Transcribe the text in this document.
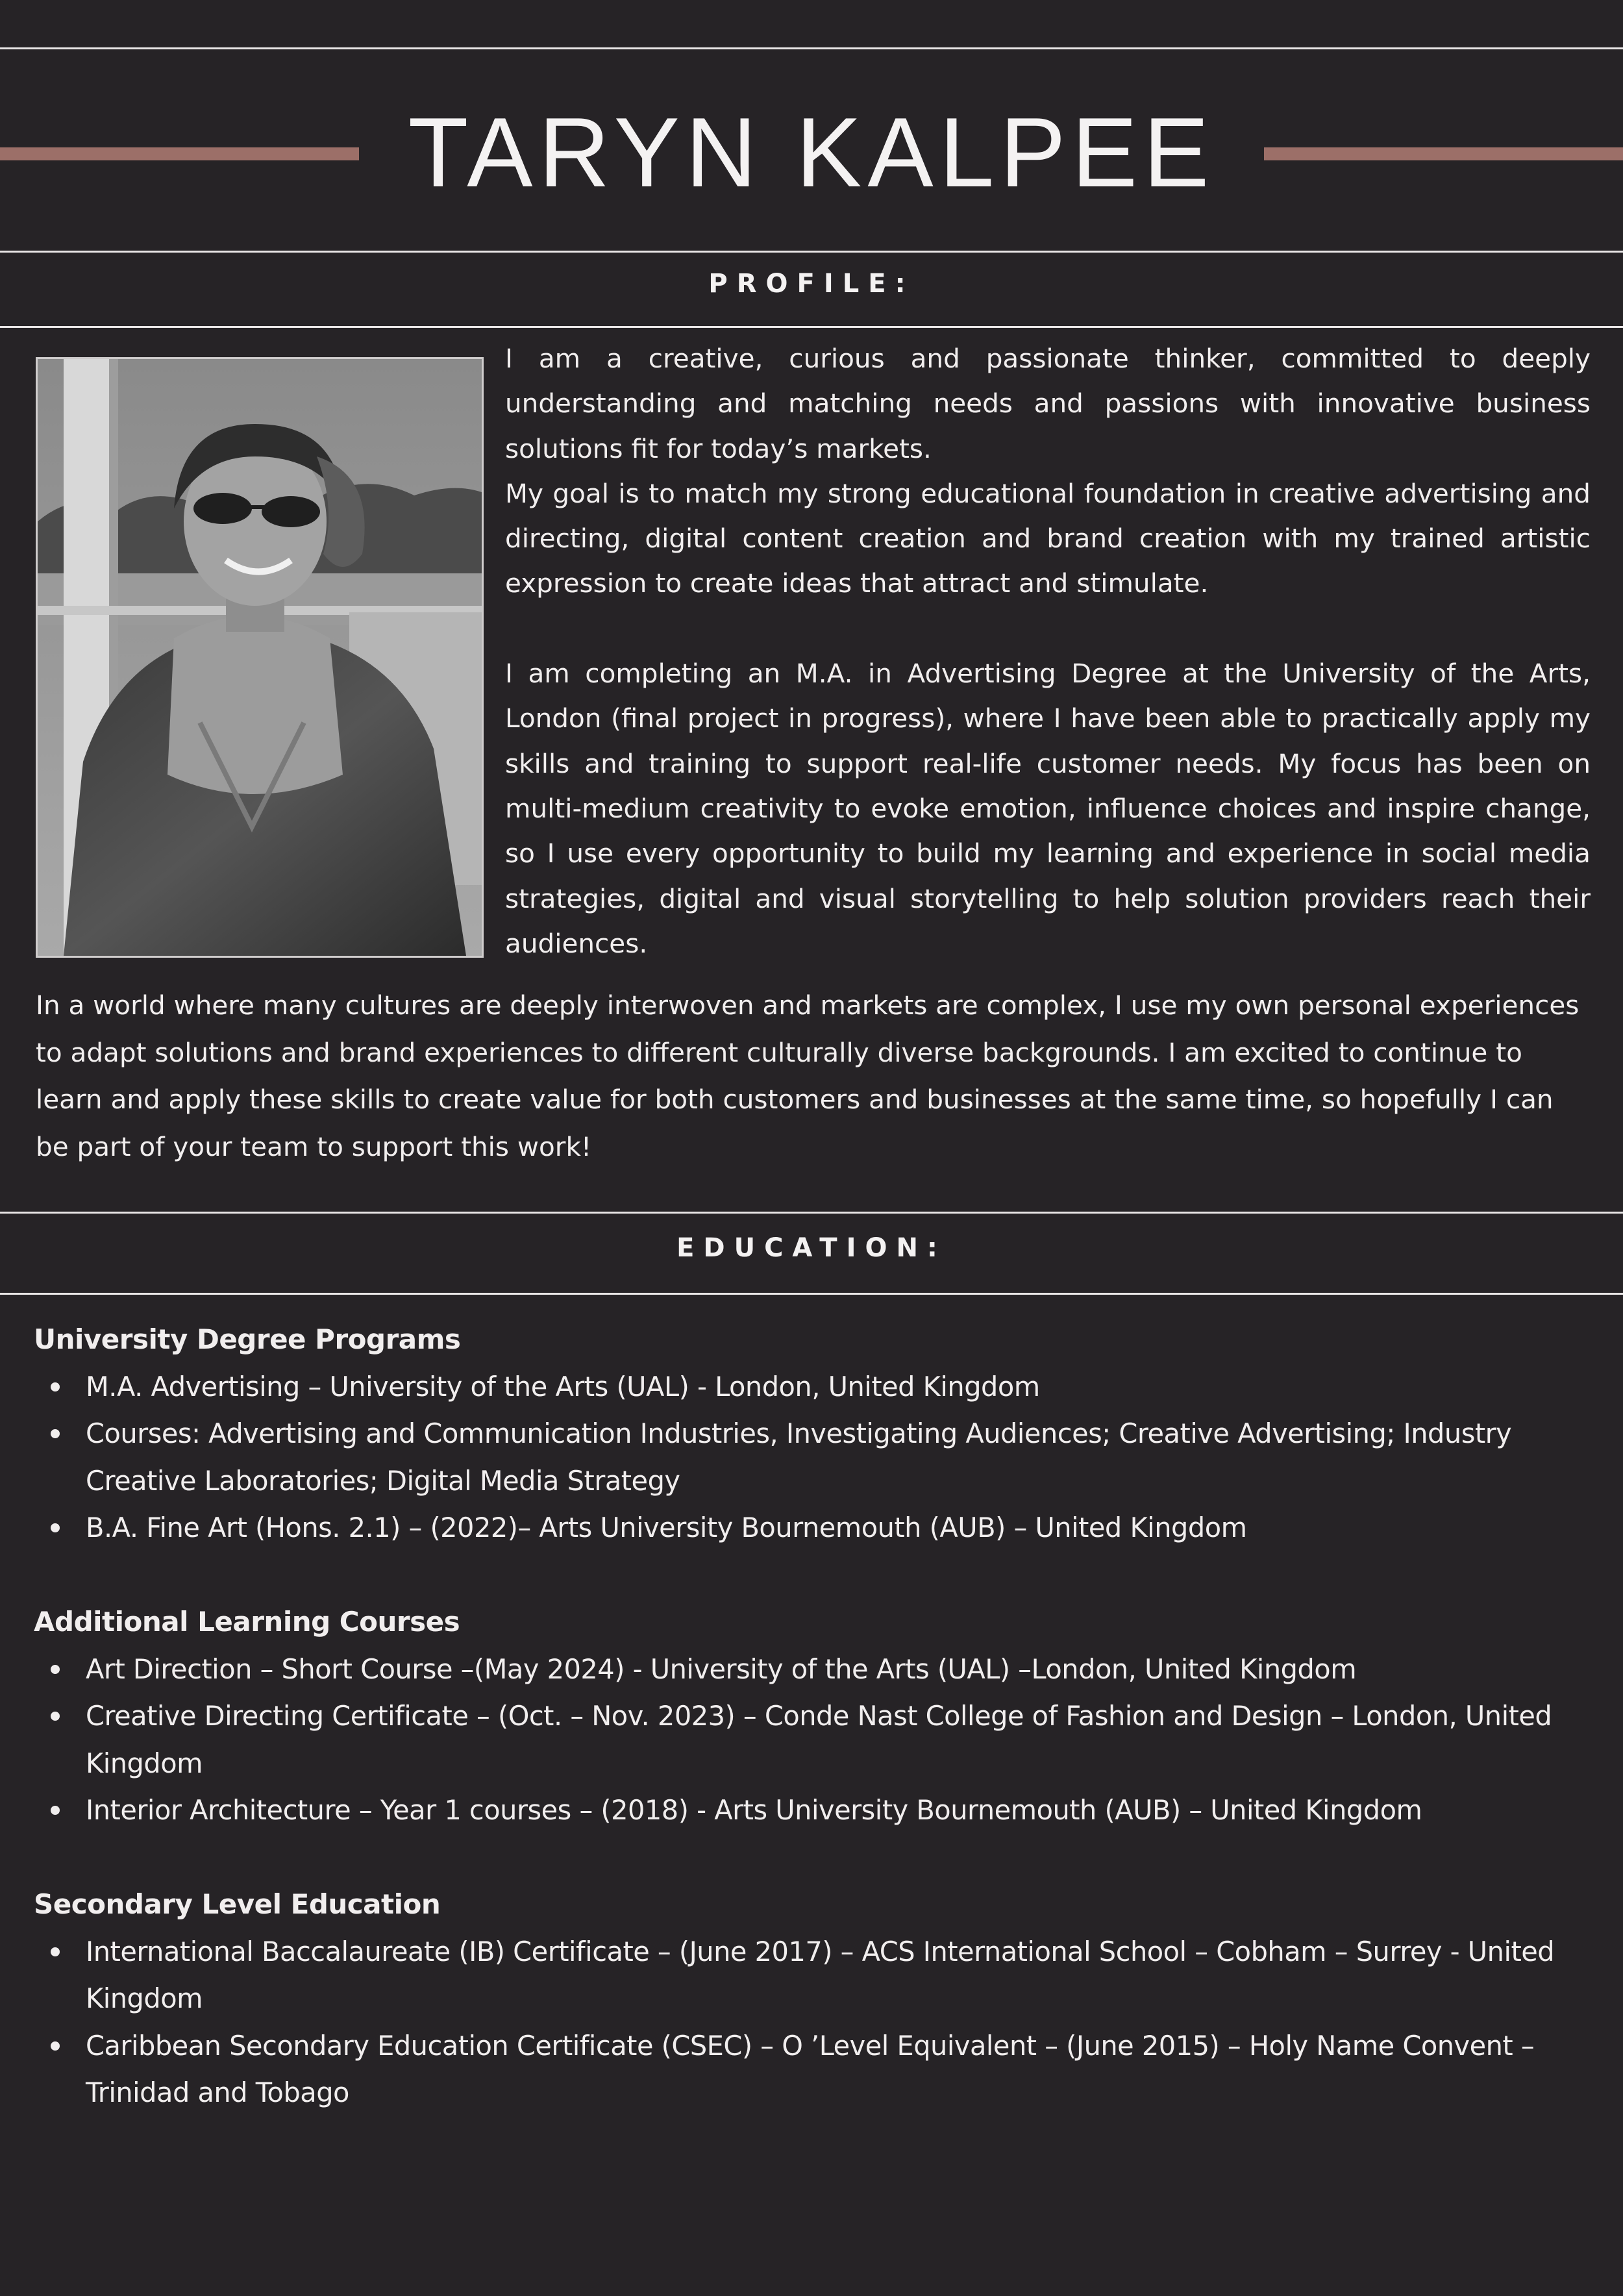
TARYN KALPEE
PROFILE:

I am a creative, curious and passionate thinker, committed to deeply understanding and matching needs and passions with innovative business solutions fit for today’s markets.

My goal is to match my strong educational foundation in creative advertising and directing, digital content creation and brand creation with my trained artistic expression to create ideas that attract and stimulate.

I am completing an M.A. in Advertising Degree at the University of the Arts, London (final project in progress), where I have been able to practically apply my skills and training to support real-life customer needs. My focus has been on multi-medium creativity to evoke emotion, influence choices and inspire change, so I use every opportunity to build my learning and experience in social media strategies, digital and visual storytelling to help solution providers reach their audiences.

In a world where many cultures are deeply interwoven and markets are complex, I use my own personal experiences to adapt solutions and brand experiences to different culturally diverse backgrounds. I am excited to continue to learn and apply these skills to create value for both customers and businesses at the same time, so hopefully I can be part of your team to support this work!

EDUCATION:
University Degree Programs
M.A. Advertising – University of the Arts (UAL) - London, United Kingdom
Courses: Advertising and Communication Industries, Investigating Audiences; Creative Advertising; Industry Creative Laboratories; Digital Media Strategy
B.A. Fine Art (Hons. 2.1) – (2022)– Arts University Bournemouth (AUB) – United Kingdom
Additional Learning Courses
Art Direction – Short Course –(May 2024) - University of the Arts (UAL) –London, United Kingdom
Creative Directing Certificate – (Oct. – Nov. 2023) – Conde Nast College of Fashion and Design – London, United Kingdom
Interior Architecture – Year 1 courses – (2018) - Arts University Bournemouth (AUB) – United Kingdom
Secondary Level Education
International Baccalaureate (IB) Certificate – (June 2017) – ACS International School – Cobham – Surrey - United Kingdom
Caribbean Secondary Education Certificate (CSEC) – O ’Level Equivalent – (June 2015) – Holy Name Convent – Trinidad and Tobago
